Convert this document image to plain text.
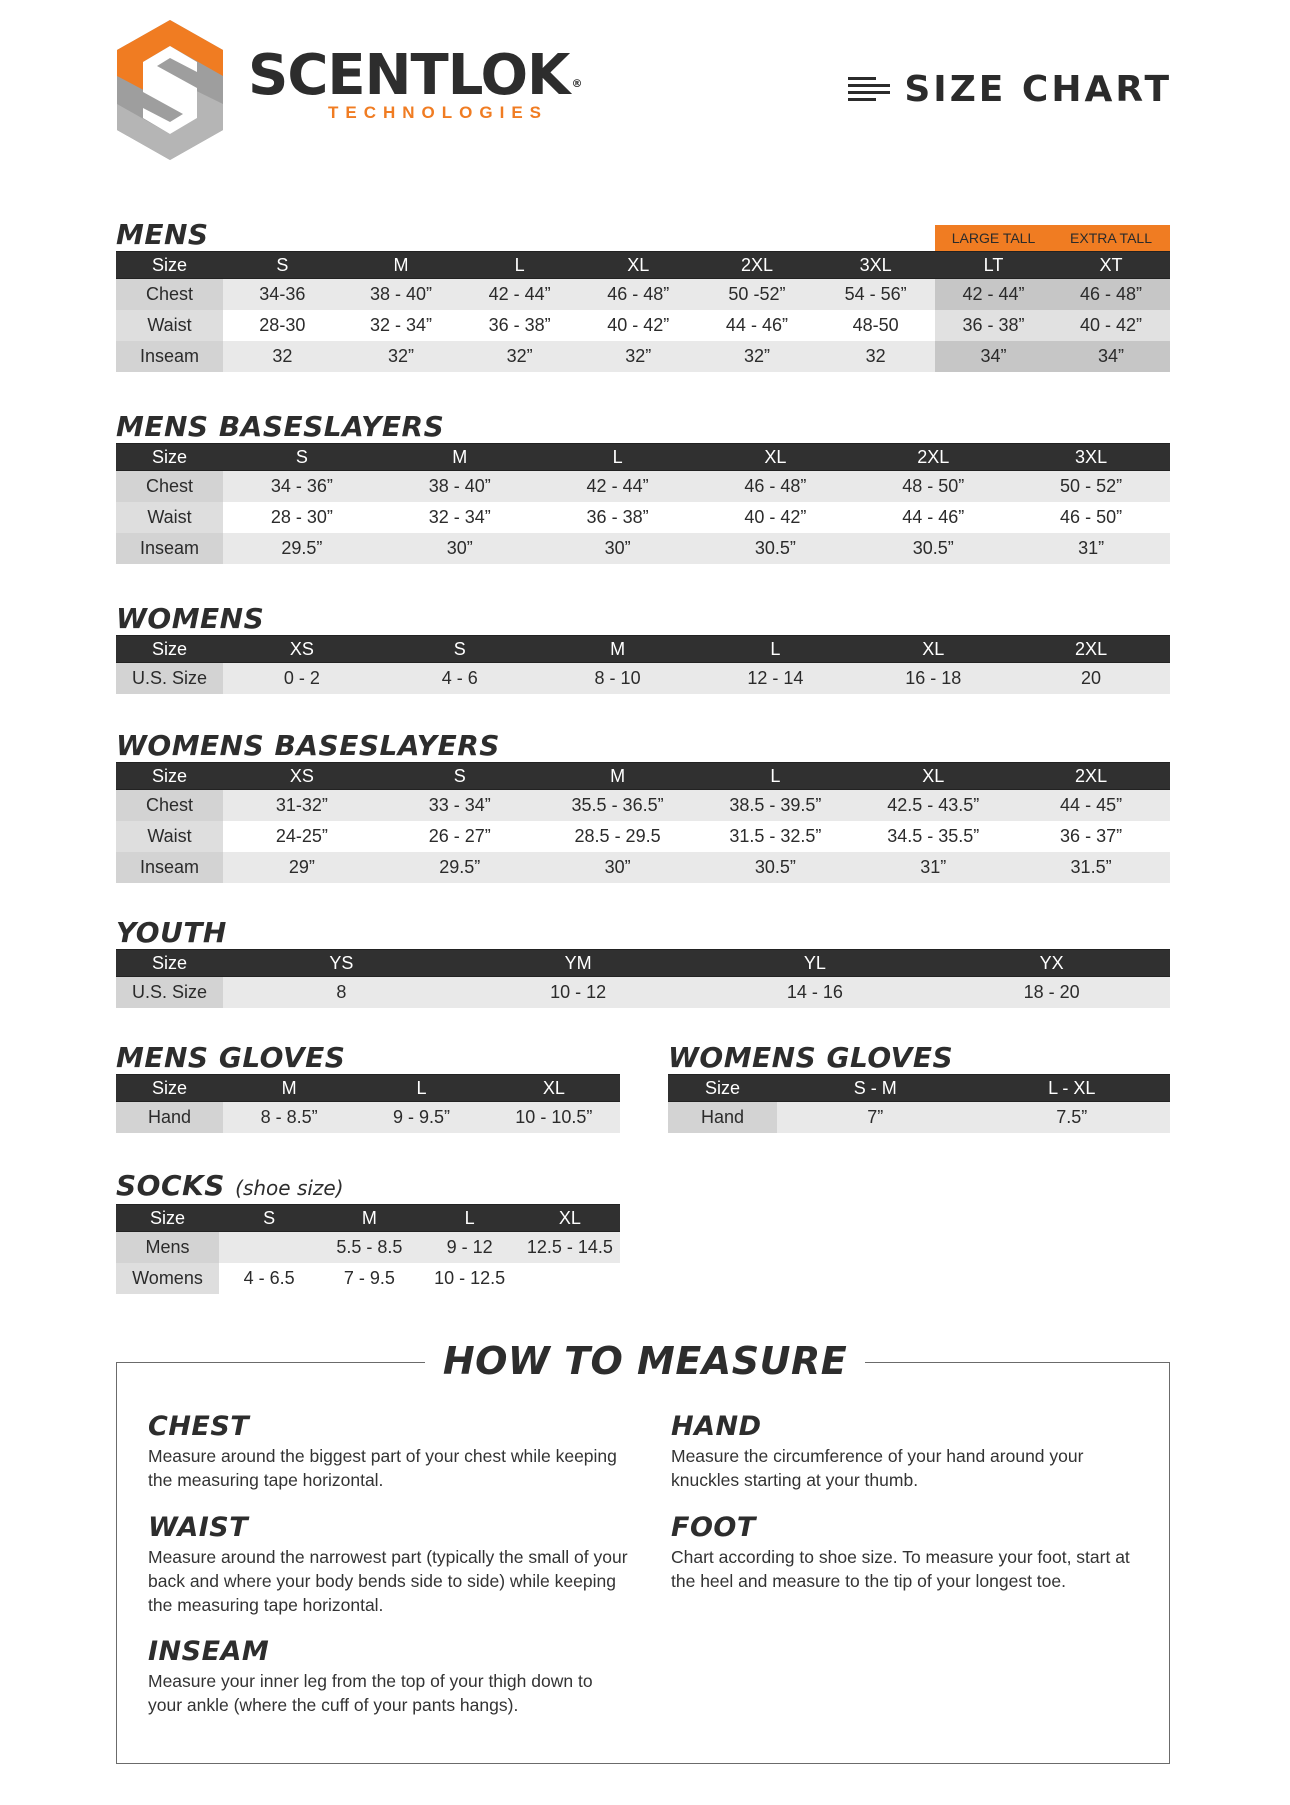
SCENTLOK ®
TECHNOLOGIES
SIZE CHART
MENS	LARGE TALL	EXTRA TALL
Size	S	M	L	XL	2XL	3XL	LT	XT
Chest	34-36	38 - 40”	42 - 44”	46 - 48”	50 -52”	54 - 56”	42 - 44”	46 - 48”
Waist	28-30	32 - 34”	36 - 38”	40 - 42”	44 - 46”	48-50	36 - 38”	40 - 42”
Inseam	32	32”	32”	32”	32”	32	34”	34”
MENS BASESLAYERS
Size	S	M	L	XL	2XL	3XL
Chest	34 - 36”	38 - 40”	42 - 44”	46 - 48”	48 - 50”	50 - 52”
Waist	28 - 30”	32 - 34”	36 - 38”	40 - 42”	44 - 46”	46 - 50”
Inseam	29.5”	30”	30”	30.5”	30.5”	31”
WOMENS
Size	XS	S	M	L	XL	2XL
U.S. Size	0 - 2	4 - 6	8 - 10	12 - 14	16 - 18	20
WOMENS BASESLAYERS
Size	XS	S	M	L	XL	2XL
Chest	31-32”	33 - 34”	35.5 - 36.5”	38.5 - 39.5”	42.5 - 43.5”	44 - 45”
Waist	24-25”	26 - 27”	28.5 - 29.5	31.5 - 32.5”	34.5 - 35.5”	36 - 37”
Inseam	29”	29.5”	30”	30.5”	31”	31.5”
YOUTH
Size	YS	YM	YL	YX
U.S. Size	8	10 - 12	14 - 16	18 - 20
MENS GLOVES
Size	M	L	XL
Hand	8 - 8.5”	9 - 9.5”	10 - 10.5”
WOMENS GLOVES
Size	S - M	L - XL
Hand	7”	7.5”
SOCKS (shoe size)
Size	S	M	L	XL
Mens		5.5 - 8.5	9 - 12	12.5 - 14.5
Womens	4 - 6.5	7 - 9.5	10 - 12.5	
HOW TO MEASURE
CHEST
Measure around the biggest part of your chest while keeping the measuring tape horizontal.
WAIST
Measure around the narrowest part (typically the small of your back and where your body bends side to side) while keeping the measuring tape horizontal.
INSEAM
Measure your inner leg from the top of your thigh down to your ankle (where the cuff of your pants hangs).
HAND
Measure the circumference of your hand around your knuckles starting at your thumb.
FOOT
Chart according to shoe size. To measure your foot, start at the heel and measure to the tip of your longest toe.
